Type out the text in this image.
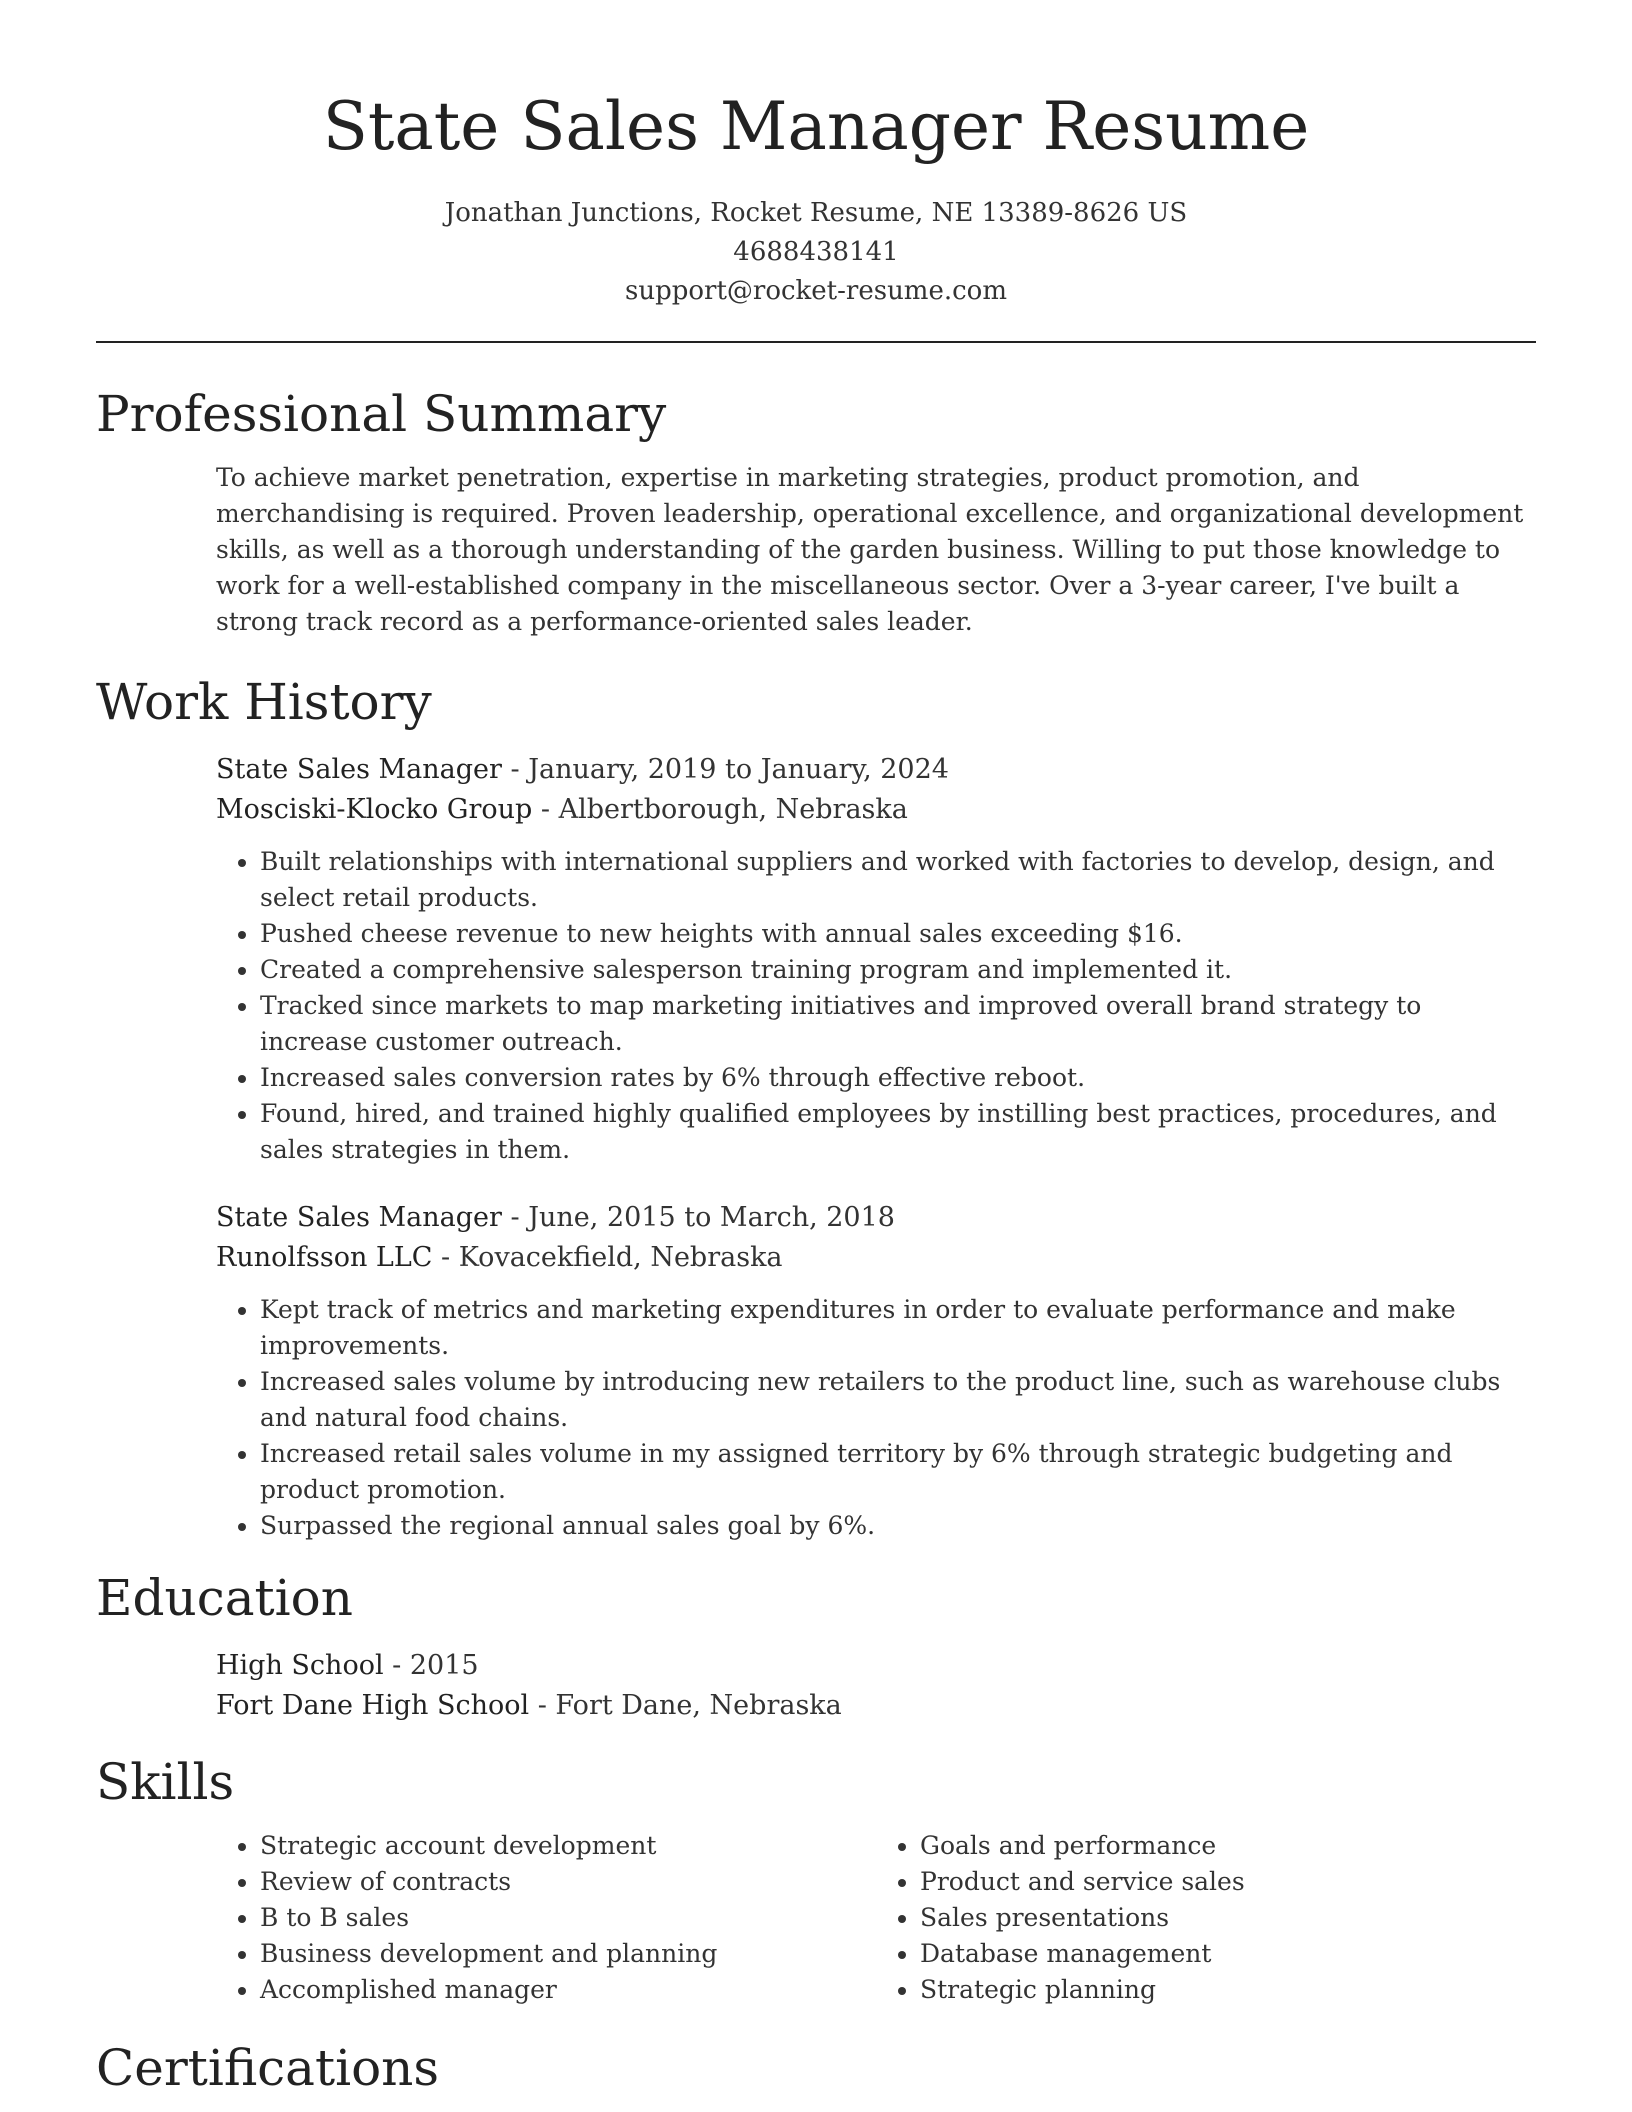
State Sales Manager Resume
Jonathan Junctions, Rocket Resume, NE 13389-8626 US
4688438141
support@rocket-resume.com
Professional Summary

To achieve market penetration, expertise in marketing strategies, product promotion, and merchandising is required. Proven leadership, operational excellence, and organizational development skills, as well as a thorough understanding of the garden business. Willing to put those knowledge to work for a well-established company in the miscellaneous sector. Over a 3-year career, I've built a strong track record as a performance-oriented sales leader.

Work History
State Sales Manager - January, 2019 to January, 2024
Mosciski-Klocko Group - Albertborough, Nebraska
• Built relationships with international suppliers and worked with factories to develop, design, and select retail products.
• Pushed cheese revenue to new heights with annual sales exceeding $16.
• Created a comprehensive salesperson training program and implemented it.
• Tracked since markets to map marketing initiatives and improved overall brand strategy to increase customer outreach.
• Increased sales conversion rates by 6% through effective reboot.
• Found, hired, and trained highly qualified employees by instilling best practices, procedures, and sales strategies in them.
State Sales Manager - June, 2015 to March, 2018
Runolfsson LLC - Kovacekfield, Nebraska
• Kept track of metrics and marketing expenditures in order to evaluate performance and make improvements.
• Increased sales volume by introducing new retailers to the product line, such as warehouse clubs and natural food chains.
• Increased retail sales volume in my assigned territory by 6% through strategic budgeting and product promotion.
• Surpassed the regional annual sales goal by 6%.
Education
High School - 2015
Fort Dane High School - Fort Dane, Nebraska
Skills
• Strategic account development
• Review of contracts
• B to B sales
• Business development and planning
• Accomplished manager
• Goals and performance
• Product and service sales
• Sales presentations
• Database management
• Strategic planning
Certifications
